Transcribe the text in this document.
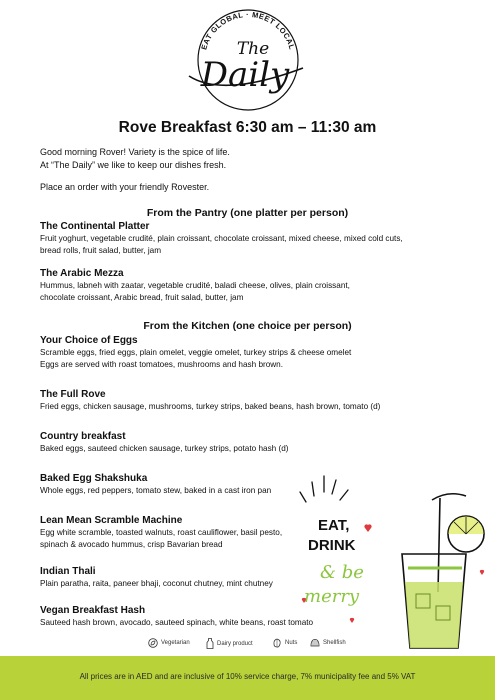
EAT GLOBAL · MEET LOCAL
The
Daily
Rove Breakfast 6:30 am – 11:30 am

Good morning Rover! Variety is the spice of life.

At “The Daily” we like to keep our dishes fresh.

Place an order with your friendly Rovester.

From the Pantry (one platter per person)
The Continental Platter
Fruit yoghurt, vegetable crudité, plain croissant, chocolate croissant, mixed cheese, mixed cold cuts,
bread rolls, fruit salad, butter, jam
The Arabic Mezza
Hummus, labneh with zaatar, vegetable crudité, baladi cheese, olives, plain croissant,
chocolate croissant, Arabic bread, fruit salad, butter, jam
From the Kitchen (one choice per person)
Your Choice of Eggs
Scramble eggs, fried eggs, plain omelet, veggie omelet, turkey strips & cheese omelet
Eggs are served with roast tomatoes, mushrooms and hash brown.
The Full Rove
Fried eggs, chicken sausage, mushrooms, turkey strips, baked beans, hash brown, tomato (d)
Country breakfast
Baked eggs, sauteed chicken sausage, turkey strips, potato hash (d)
Baked Egg Shakshuka
Whole eggs, red peppers, tomato stew, baked in a cast iron pan
Lean Mean Scramble Machine
Egg white scramble, toasted walnuts, roast cauliflower, basil pesto,
spinach & avocado hummus, crisp Bavarian bread
Indian Thali
Plain paratha, raita, paneer bhaji, coconut chutney, mint chutney
Vegan Breakfast Hash
Sauteed hash brown, avocado, sauteed spinach, white beans, roast tomato
EAT,
DRINK
& be
merry
Vegetarian	Dairy product	Nuts	Shellfish
All prices are in AED and are inclusive of 10% service charge, 7% municipality fee and 5% VAT
